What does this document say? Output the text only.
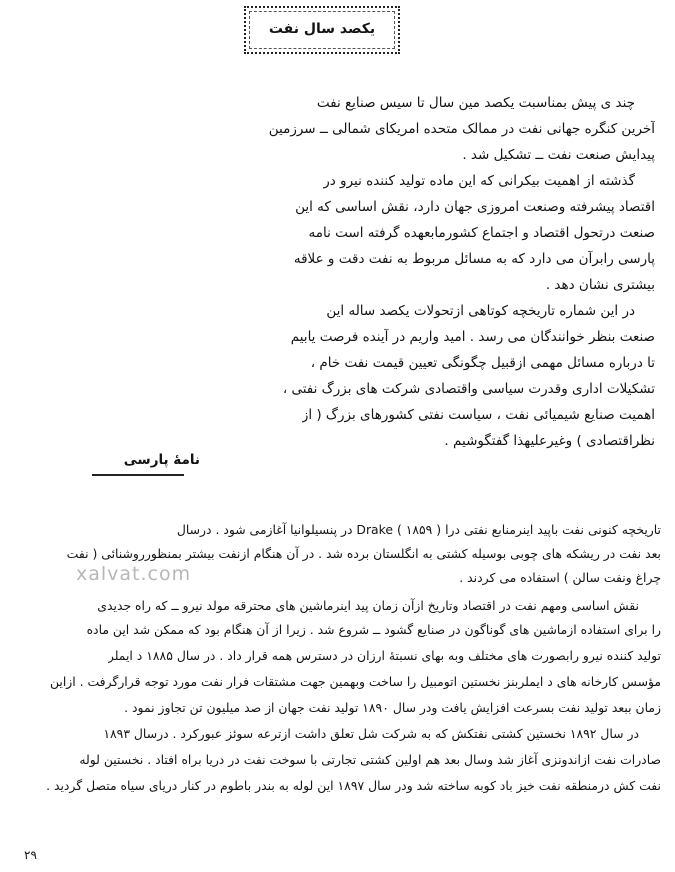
یکصد سال نفت
چند ی پیش بمناسبت یکصد مین سال تا سیس صنایع نفت
آخرین کنگره جهانی نفت در ممالک متحده امریکای شمالی ــ سرزمین
پیدایش صنعت نفت ــ تشکیل شد .
گذشته از اهمیت بیکرانی که این ماده تولید کننده نیرو در
اقتصاد پیشرفته وصنعت امروزی جهان دارد، نقش اساسی که این
صنعت درتحول اقتصاد و اجتماع کشورمابعهده گرفته است نامه
پارسی رابرآن می دارد که به مسائل مربوط به نفت دقت و علاقه
بیشتری نشان دهد .
در این شماره تاریخچه کوتاهی ازتحولات یکصد ساله این
صنعت بنظر خوانندگان می رسد . امید واریم در آینده فرصت یابیم
تا درباره مسائل مهمی ازقبیل چگونگی تعیین قیمت نفت خام ،
تشکیلات اداری وقدرت سیاسی واقتصادی شرکت های بزرگ نفتی ،
اهمیت صنایع شیمیائی نفت ، سیاست نفتی کشورهای بزرگ ( از
نظراقتصادی ) وغیرعلیهذا گفتگوشیم .
نامهٔ پارسی
تاریخچه کنونی نفت باپید اینرمنابع نفتی درا Drake ( ۱۸۵۹ ) در پنسیلوانیا آغازمی شود . درسال
بعد نفت در ریشکه های چوبی بوسیله کشتی به انگلستان برده شد . در آن هنگام ازنفت بیشتر بمنظورروشنائی ( نفت
چراغ ونفت سالن ) استفاده می کردند .
نقش اساسی ومهم نفت در اقتصاد وتاریخ ازآن زمان پید اینرماشین های محترقه مولد نیرو ــ که راه جدیدی
را برای استفاده ازماشین های گوناگون در صنایع گشود ــ شروع شد . زیرا از آن هنگام بود که ممکن شد این ماده
تولید کننده نیرو رابصورت های مختلف وبه بهای نسبتهٔ ارزان در دسترس همه قرار داد . در سال ۱۸۸۵ د ایملر
مؤسس کارخانه های د ایملربنز نخستین اتومبیل را ساخت وبهمین جهت مشتقات فرار نفت مورد توجه قرارگرفت . ازاین
زمان ببعد تولید نفت بسرعت افزایش یافت ودر سال ۱۸۹۰ تولید نفت جهان از صد میلیون تن تجاوز نمود .
در سال ۱۸۹۲ نخستین کشتی نفتکش که به شرکت شل تعلق داشت ازترعه سوئز عبورکرد . درسال ۱۸۹۳
صادرات نفت ازاندونزی آغاز شد وسال بعد هم اولین کشتی تجارتی با سوخت نفت در دریا براه افتاد . نخستین لوله
نفت کش درمنطقه نفت خیز باد کوبه ساخته شد ودر سال ۱۸۹۷ این لوله به بندر باطوم در کنار دریای سیاه متصل گردید .
xalvat.com
۲۹
